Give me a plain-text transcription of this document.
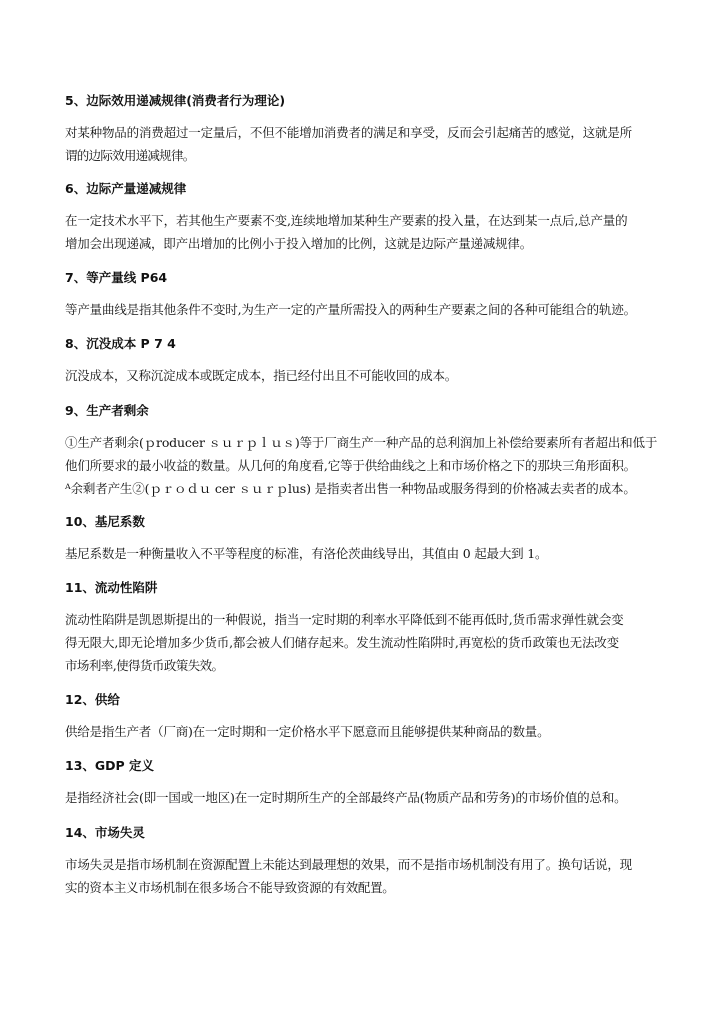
5、边际效用递减规律(消费者行为理论)
对某种物品的消费超过一定量后，不但不能增加消费者的满足和享受，反而会引起痛苦的感觉，这就是所
谓的边际效用递减规律。
6、边际产量递减规律
在一定技术水平下，若其他生产要素不变,连续地增加某种生产要素的投入量，在达到某一点后,总产量的
增加会出现递减，即产出增加的比例小于投入增加的比例，这就是边际产量递减规律。
7、等产量线 P64
等产量曲线是指其他条件不变时,为生产一定的产量所需投入的两种生产要素之间的各种可能组合的轨迹。
8、沉没成本 P 7 4
沉没成本，又称沉淀成本或既定成本，指已经付出且不可能收回的成本。
9、生产者剩余
①生产者剩余(ｐroducer ｓｕｒｐｌｕｓ)等于厂商生产一种产品的总利润加上补偿给要素所有者超出和低于
他们所要求的最小收益的数量。从几何的角度看,它等于供给曲线之上和市场价格之下的那块三角形面积。
ᴬ余剩者产生②(ｐｒｏｄｕ cer ｓｕｒｐlus) 是指卖者出售一种物品或服务得到的价格减去卖者的成本。
10、基尼系数
基尼系数是一种衡量收入不平等程度的标准，有洛伦茨曲线导出，其值由 0 起最大到 1。
11、流动性陷阱
流动性陷阱是凯恩斯提出的一种假说，指当一定时期的利率水平降低到不能再低时,货币需求弹性就会变
得无限大,即无论增加多少货币,都会被人们储存起来。发生流动性陷阱时,再宽松的货币政策也无法改变
市场利率,使得货币政策失效。
12、供给
供给是指生产者（厂商)在一定时期和一定价格水平下愿意而且能够提供某种商品的数量。
13、GDP 定义
是指经济社会(即一国或一地区)在一定时期所生产的全部最终产品(物质产品和劳务)的市场价值的总和。
14、市场失灵
市场失灵是指市场机制在资源配置上未能达到最理想的效果，而不是指市场机制没有用了。换句话说，现
实的资本主义市场机制在很多场合不能导致资源的有效配置。
